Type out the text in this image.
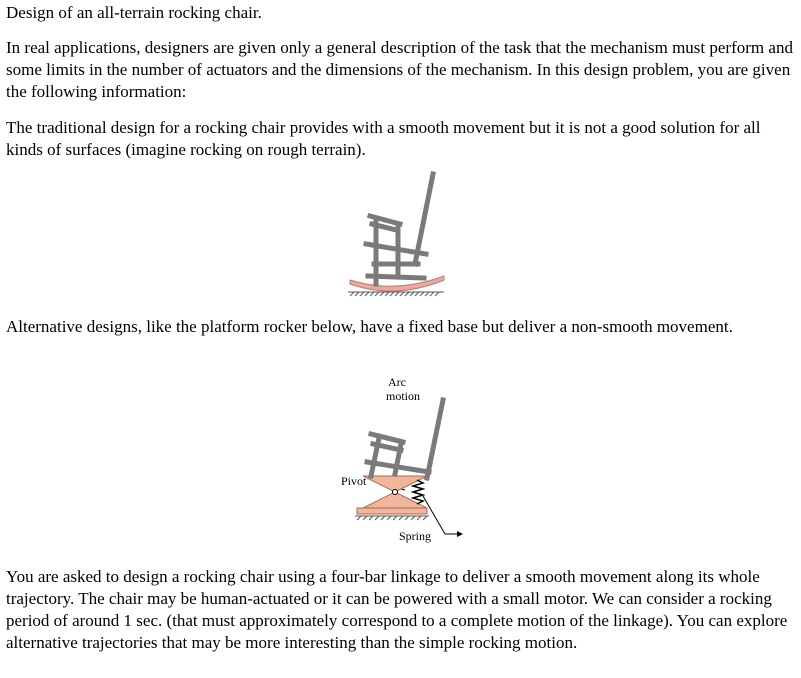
Design of an all-terrain rocking chair.

In real applications, designers are given only a general description of the task that the mechanism must perform and some limits in the number of actuators and the dimensions of the mechanism. In this design problem, you are given the following information:

The traditional design for a rocking chair provides with a smooth movement but it is not a good solution for all kinds of surfaces (imagine rocking on rough terrain).

Alternative designs, like the platform rocker below, have a fixed base but deliver a non-smooth movement.

You are asked to design a rocking chair using a four-bar linkage to deliver a smooth movement along its whole trajectory. The chair may be human-actuated or it can be powered with a small motor. We can consider a rocking period of around 1 sec. (that must approximately correspond to a complete motion of the linkage). You can explore alternative trajectories that may be more interesting than the simple rocking motion.

Arc
motion
Pivot
Spring
